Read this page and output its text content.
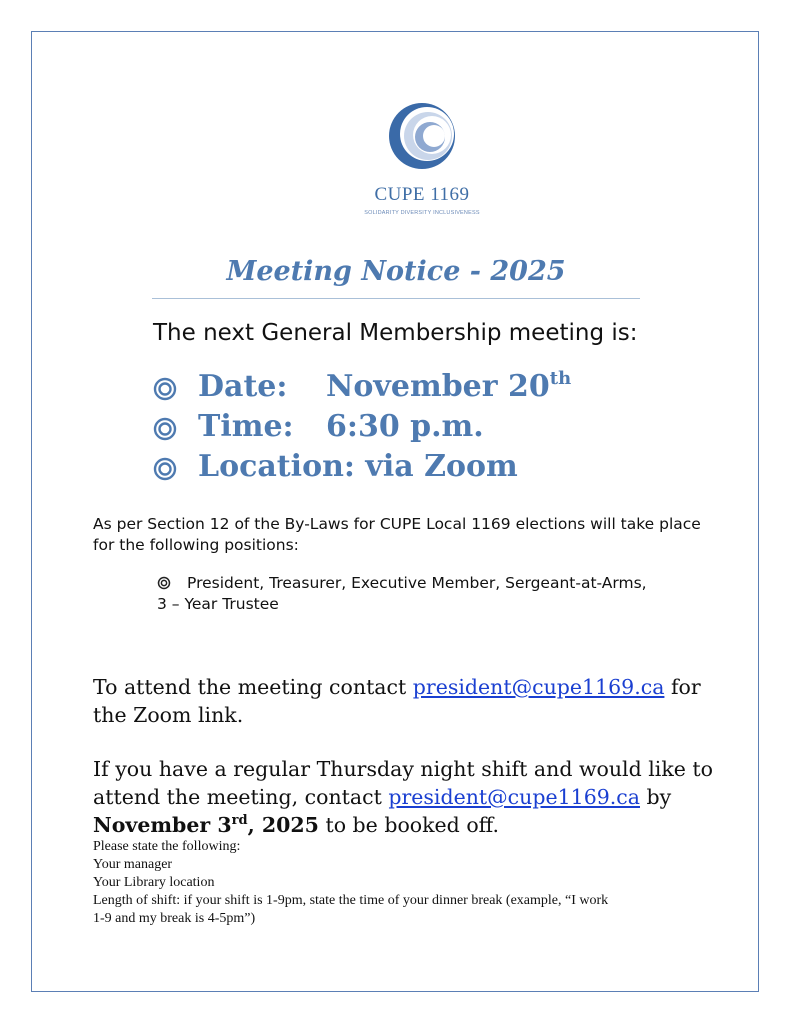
CUPE 1169
SOLIDARITY DIVERSITY INCLUSIVENESS
Meeting Notice - 2025
The next General Membership meeting is:
Date: November 20th
Time: 6:30 p.m.
Location: via Zoom
As per Section 12 of the By-Laws for CUPE Local 1169 elections will take place
for the following positions:
President, Treasurer, Executive Member, Sergeant-at-Arms,
3 – Year Trustee
To attend the meeting contact president@cupe1169.ca for
the Zoom link.
If you have a regular Thursday night shift and would like to
attend the meeting, contact president@cupe1169.ca by
November 3rd, 2025 to be booked off.
Please state the following:
Your manager
Your Library location
Length of shift: if your shift is 1-9pm, state the time of your dinner break (example, “I work
1-9 and my break is 4-5pm”)
